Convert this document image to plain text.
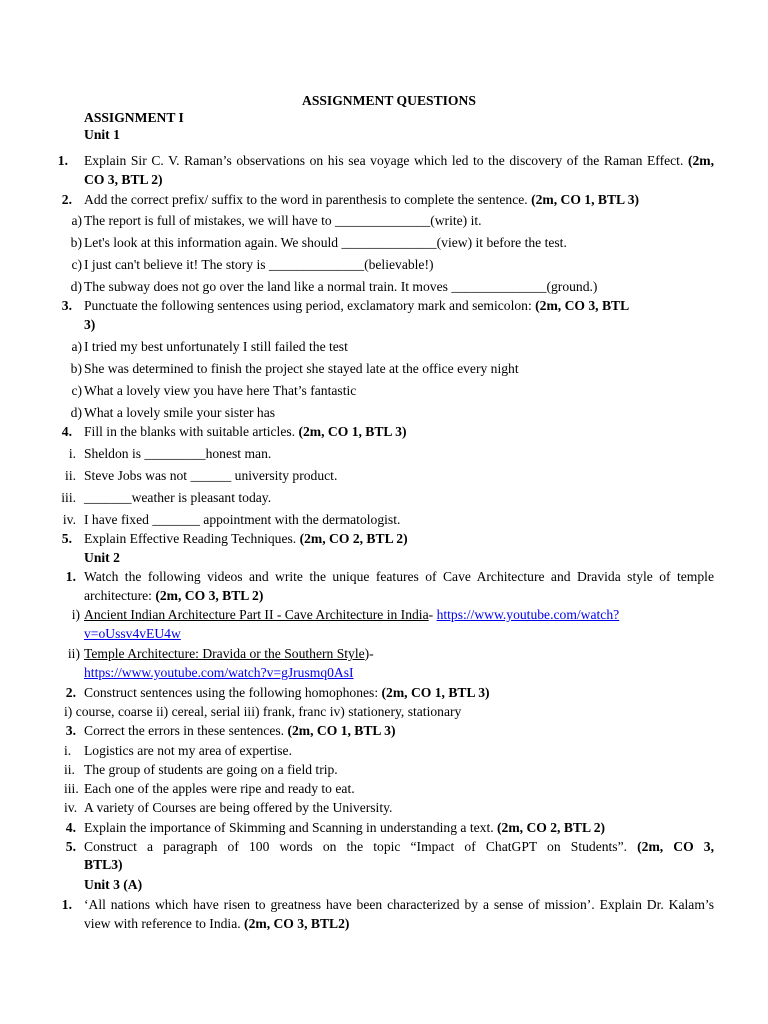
ASSIGNMENT QUESTIONS
ASSIGNMENT I
Unit 1
1. Explain Sir C. V. Raman’s observations on his sea voyage which led to the discovery of the Raman Effect. (2m, CO 3, BTL 2)
2. Add the correct prefix/ suffix to the word in parenthesis to complete the sentence. (2m, CO 1, BTL 3)
a) The report is full of mistakes, we will have to ______________(write) it.
b) Let's look at this information again. We should ______________(view) it before the test.
c) I just can't believe it! The story is ______________(believable!)
d) The subway does not go over the land like a normal train. It moves ______________(ground.)
3. Punctuate the following sentences using period, exclamatory mark and semicolon: (2m, CO 3, BTL
3)
a) I tried my best unfortunately I still failed the test
b) She was determined to finish the project she stayed late at the office every night
c) What a lovely view you have here That’s fantastic
d) What a lovely smile your sister has
4. Fill in the blanks with suitable articles. (2m, CO 1, BTL 3)
i. Sheldon is _________honest man.
ii. Steve Jobs was not ______ university product.
iii. _______weather is pleasant today.
iv. I have fixed _______ appointment with the dermatologist.
5. Explain Effective Reading Techniques. (2m, CO 2, BTL 2)
Unit 2
1. Watch the following videos and write the unique features of Cave Architecture and Dravida style of temple architecture: (2m, CO 3, BTL 2)
i) Ancient Indian Architecture Part II - Cave Architecture in India- https://www.youtube.com/watch?
v=oUssv4vEU4w
ii) Temple Architecture: Dravida or the Southern Style)-
https://www.youtube.com/watch?v=gJrusmq0AsI
2. Construct sentences using the following homophones: (2m, CO 1, BTL 3)
i) course, coarse ii) cereal, serial iii) frank, franc iv) stationery, stationary
3. Correct the errors in these sentences. (2m, CO 1, BTL 3)
i. Logistics are not my area of expertise.
ii. The group of students are going on a field trip.
iii. Each one of the apples were ripe and ready to eat.
iv. A variety of Courses are being offered by the University.
4. Explain the importance of Skimming and Scanning in understanding a text. (2m, CO 2, BTL 2)
5. Construct a paragraph of 100 words on the topic “Impact of ChatGPT on Students”. (2m, CO 3,
BTL3)
Unit 3 (A)
1. ‘All nations which have risen to greatness have been characterized by a sense of mission’. Explain Dr. Kalam’s view with reference to India. (2m, CO 3, BTL2)
